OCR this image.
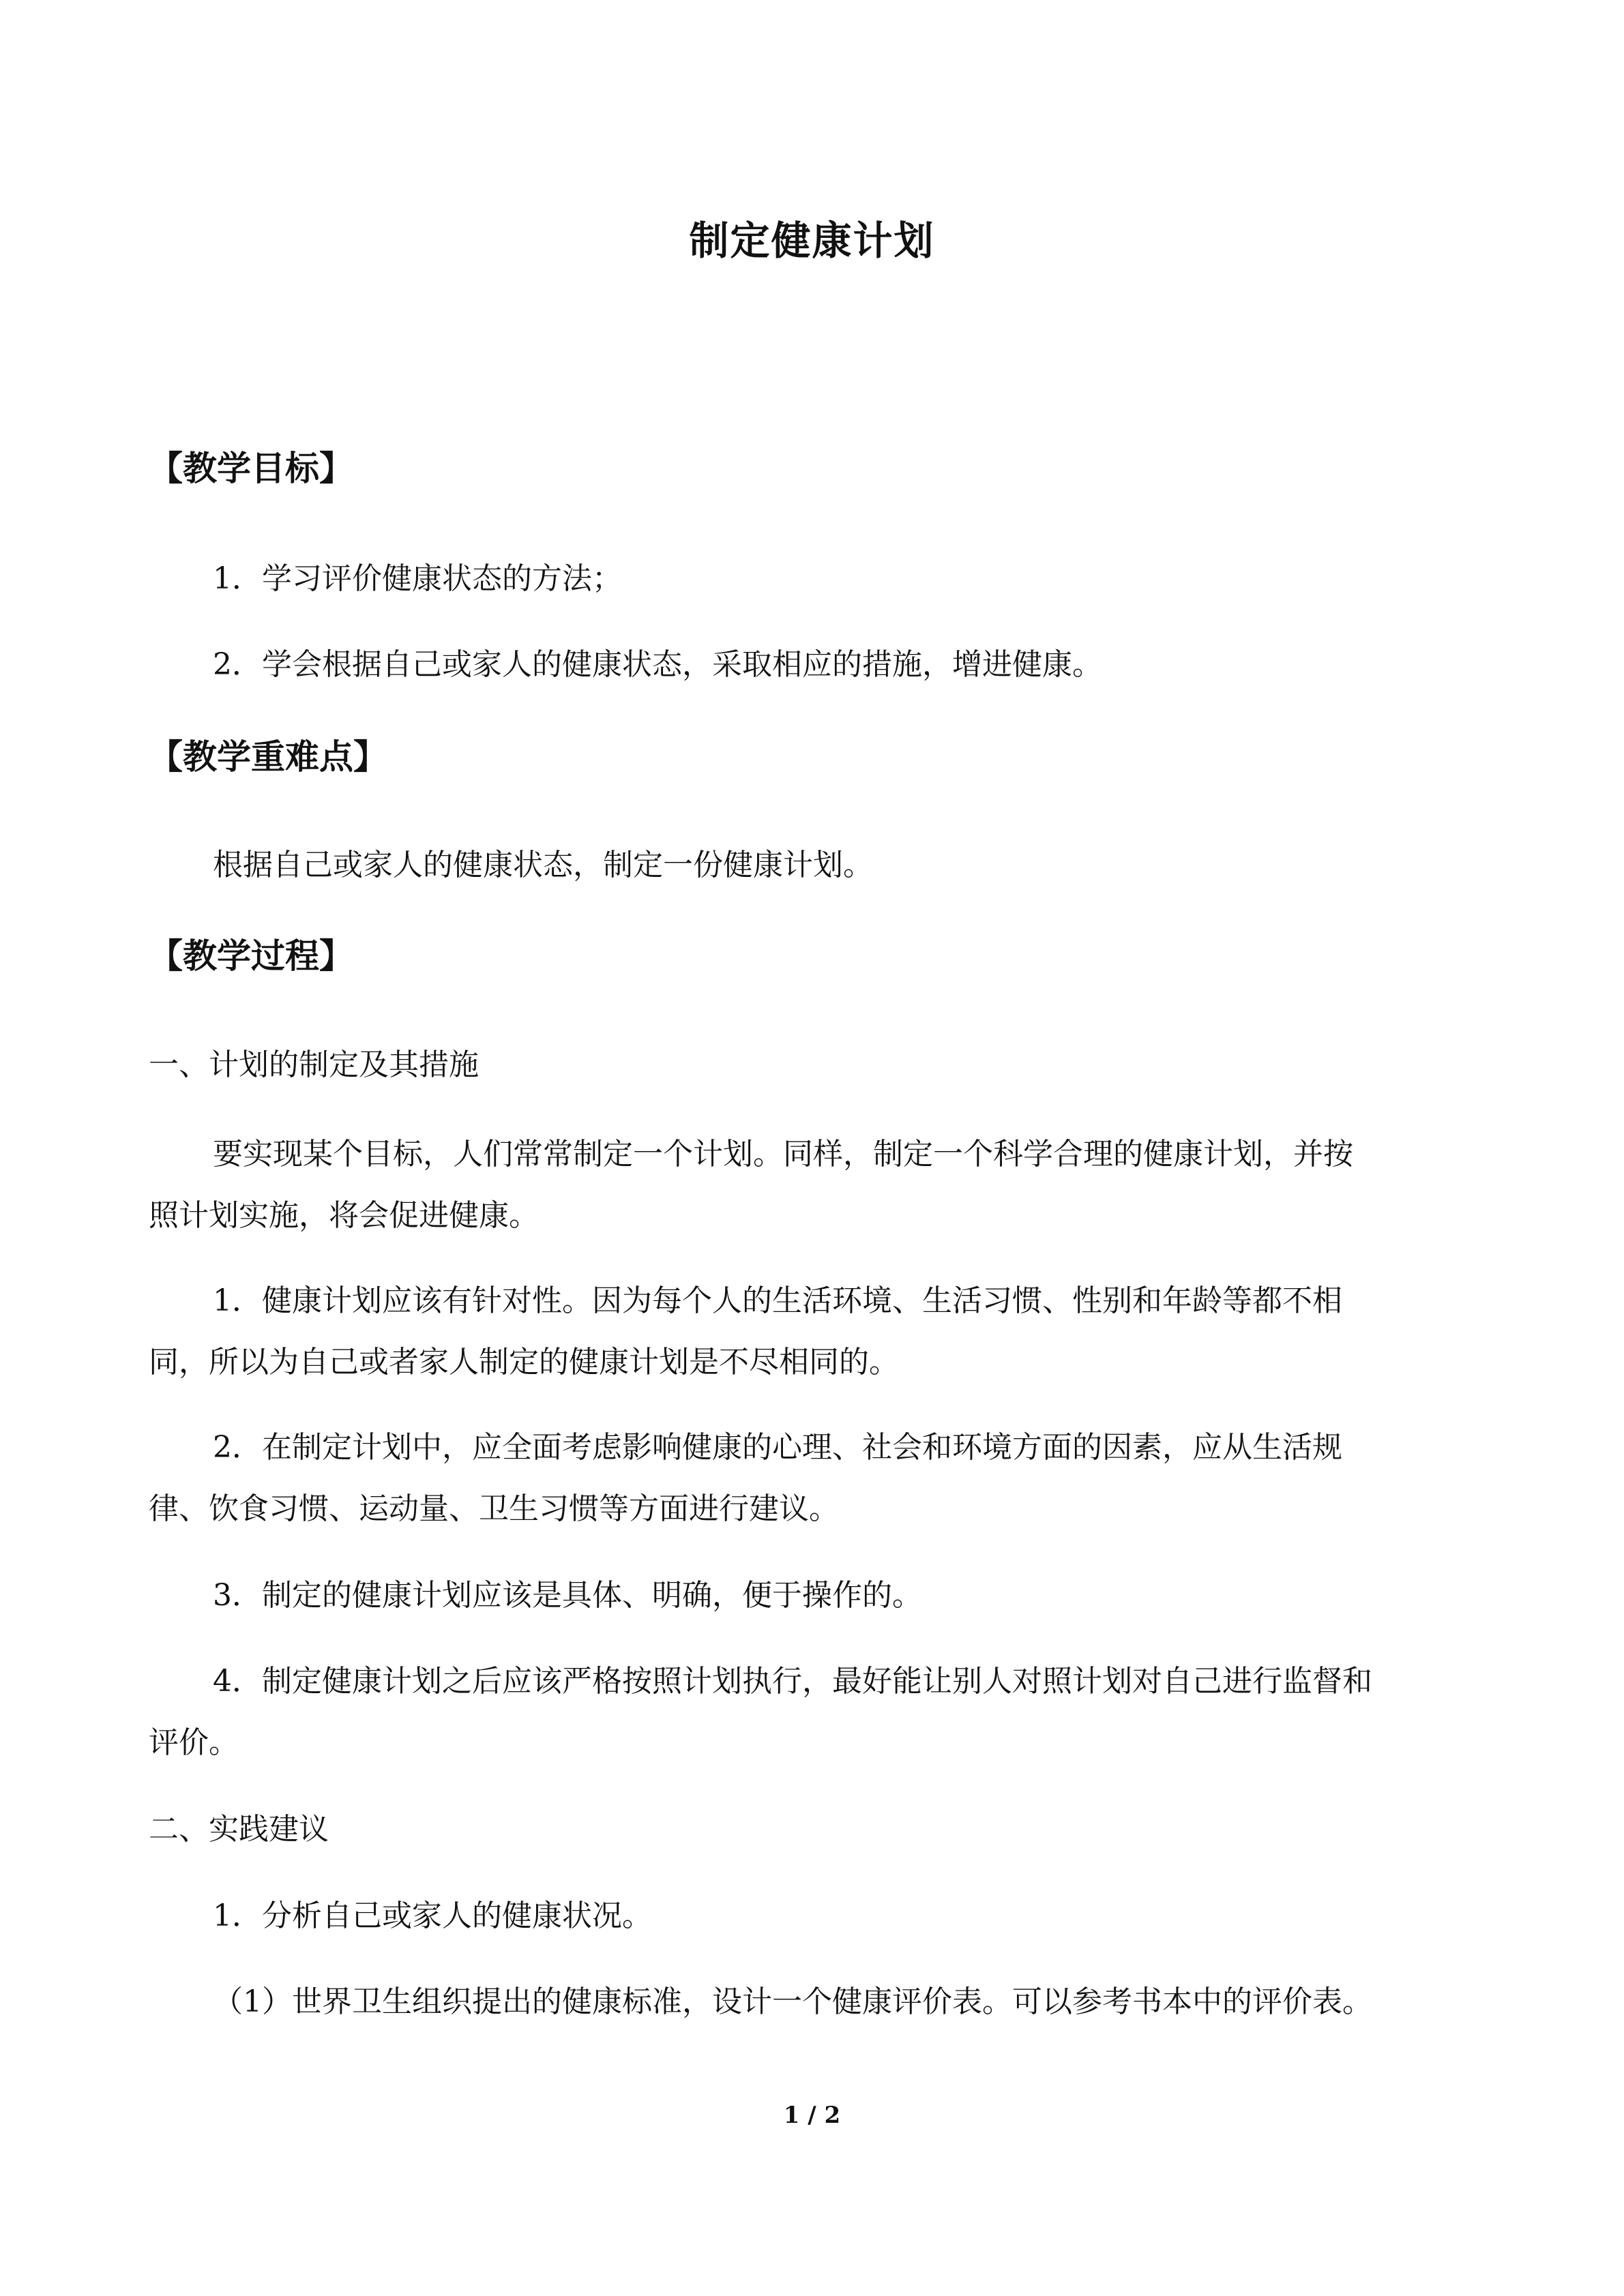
制定健康计划
【教学目标】
1．学习评价健康状态的方法；
2．学会根据自己或家人的健康状态，采取相应的措施，增进健康。
【教学重难点】
根据自己或家人的健康状态，制定一份健康计划。
【教学过程】
一、计划的制定及其措施
要实现某个目标，人们常常制定一个计划。同样，制定一个科学合理的健康计划，并按
照计划实施，将会促进健康。
1．健康计划应该有针对性。因为每个人的生活环境、生活习惯、性别和年龄等都不相
同，所以为自己或者家人制定的健康计划是不尽相同的。
2．在制定计划中，应全面考虑影响健康的心理、社会和环境方面的因素，应从生活规
律、饮食习惯、运动量、卫生习惯等方面进行建议。
3．制定的健康计划应该是具体、明确，便于操作的。
4．制定健康计划之后应该严格按照计划执行，最好能让别人对照计划对自己进行监督和
评价。
二、实践建议
1．分析自己或家人的健康状况。
（1）世界卫生组织提出的健康标准，设计一个健康评价表。可以参考书本中的评价表。
1 / 2
